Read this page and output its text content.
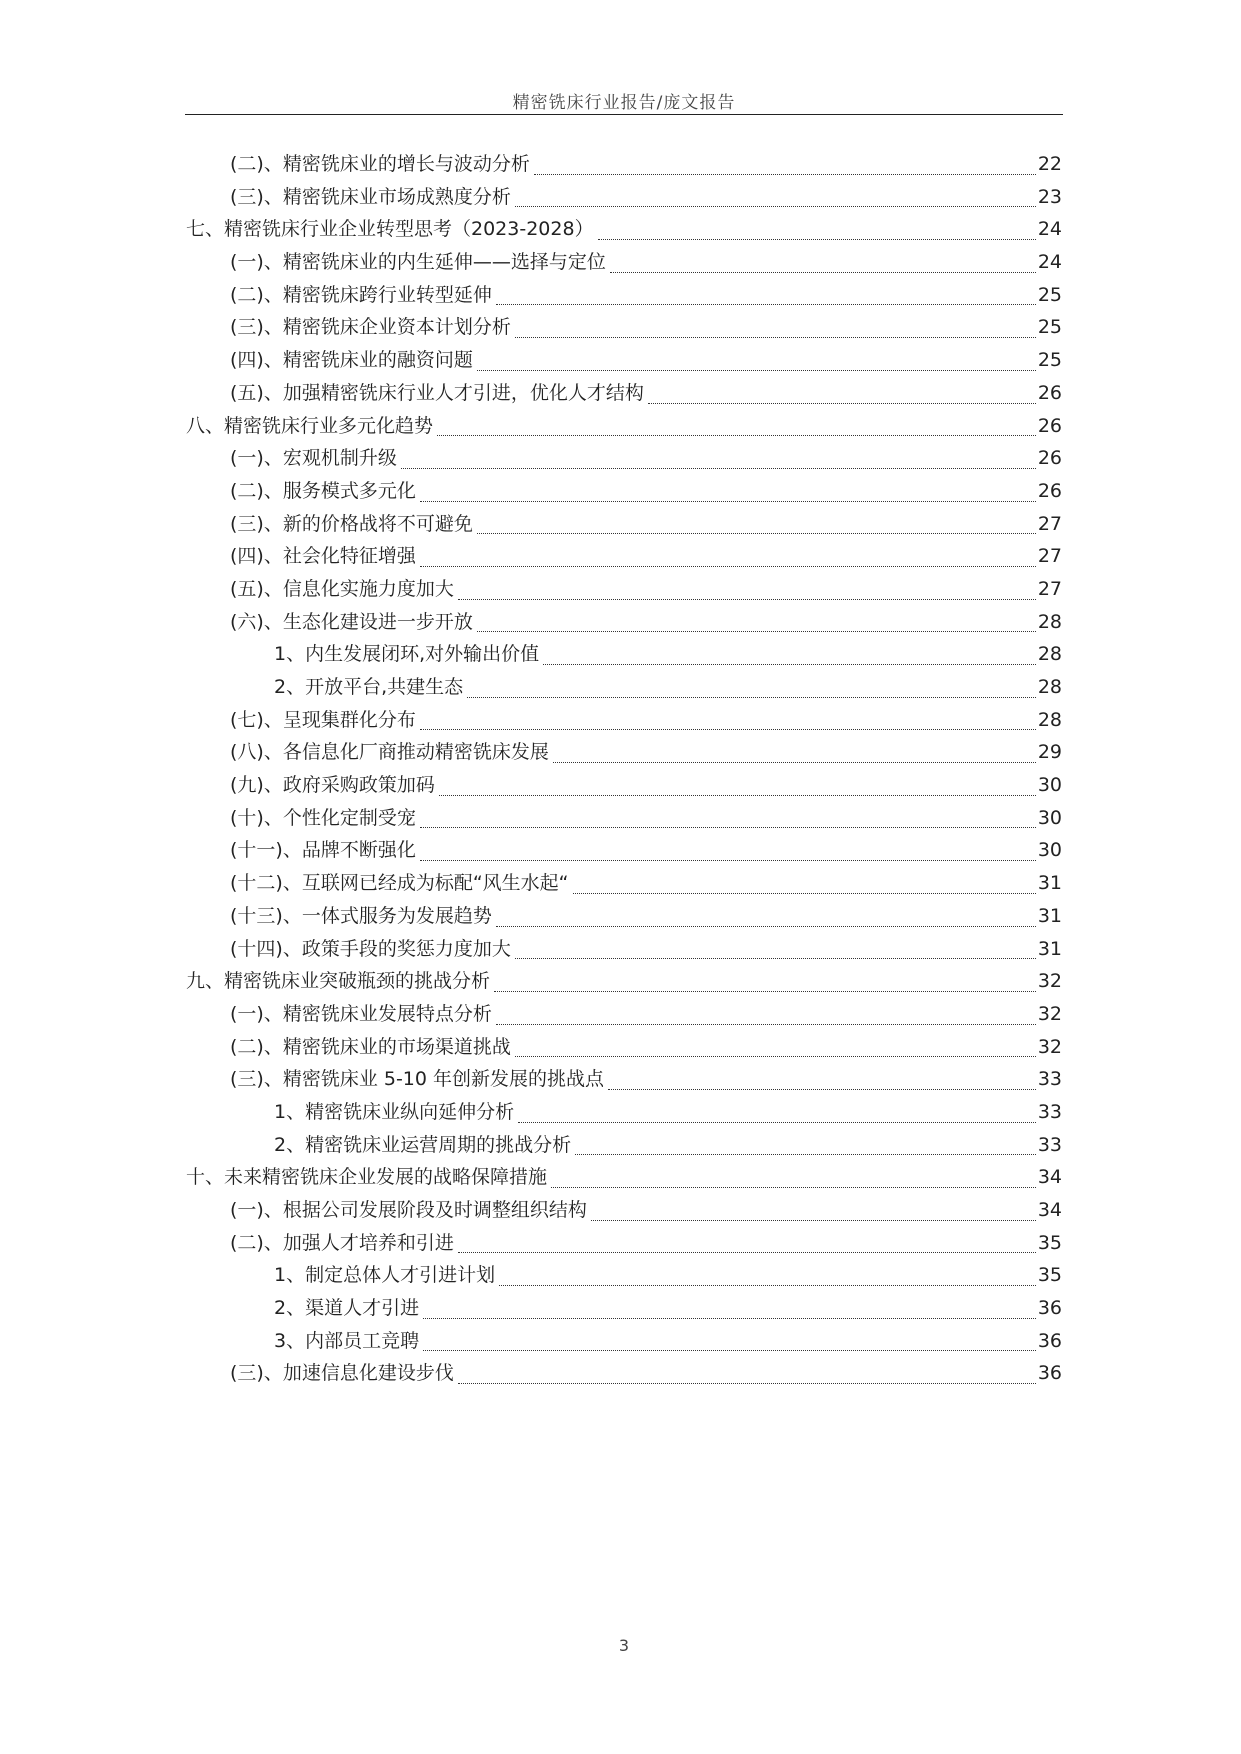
精密铣床行业报告/庞文报告
(二)、精密铣床业的增长与波动分析	22
(三)、精密铣床业市场成熟度分析	23
七、精密铣床行业企业转型思考（2023-2028）	24
(一)、精密铣床业的内生延伸——选择与定位	24
(二)、精密铣床跨行业转型延伸	25
(三)、精密铣床企业资本计划分析	25
(四)、精密铣床业的融资问题	25
(五)、加强精密铣床行业人才引进，优化人才结构	26
八、精密铣床行业多元化趋势	26
(一)、宏观机制升级	26
(二)、服务模式多元化	26
(三)、新的价格战将不可避免	27
(四)、社会化特征增强	27
(五)、信息化实施力度加大	27
(六)、生态化建设进一步开放	28
1、内生发展闭环,对外输出价值	28
2、开放平台,共建生态	28
(七)、呈现集群化分布	28
(八)、各信息化厂商推动精密铣床发展	29
(九)、政府采购政策加码	30
(十)、个性化定制受宠	30
(十一)、品牌不断强化	30
(十二)、互联网已经成为标配“风生水起“	31
(十三)、一体式服务为发展趋势	31
(十四)、政策手段的奖惩力度加大	31
九、精密铣床业突破瓶颈的挑战分析	32
(一)、精密铣床业发展特点分析	32
(二)、精密铣床业的市场渠道挑战	32
(三)、精密铣床业 5-10 年创新发展的挑战点	33
1、精密铣床业纵向延伸分析	33
2、精密铣床业运营周期的挑战分析	33
十、未来精密铣床企业发展的战略保障措施	34
(一)、根据公司发展阶段及时调整组织结构	34
(二)、加强人才培养和引进	35
1、制定总体人才引进计划	35
2、渠道人才引进	36
3、内部员工竞聘	36
(三)、加速信息化建设步伐	36
3
